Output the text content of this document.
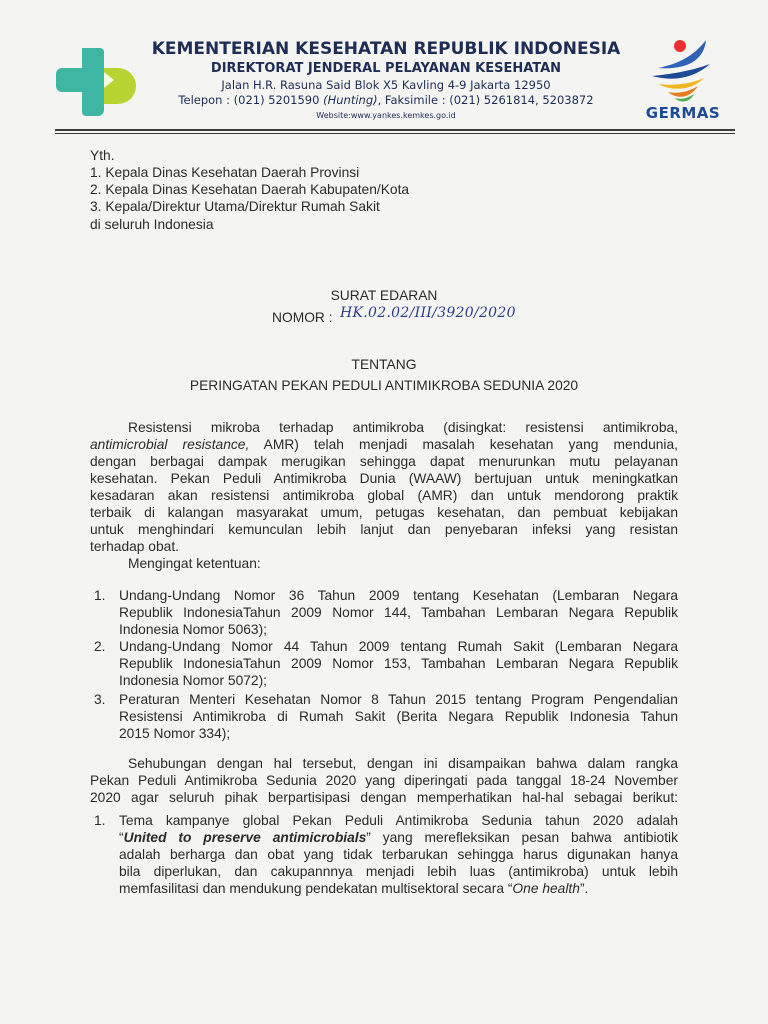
KEMENTERIAN KESEHATAN REPUBLIK INDONESIA
DIREKTORAT JENDERAL PELAYANAN KESEHATAN
Jalan H.R. Rasuna Said Blok X5 Kavling 4-9 Jakarta 12950
Telepon : (021) 5201590 (Hunting), Faksimile : (021) 5261814, 5203872
Website:www.yankes.kemkes.go.id	GERMAS
Yth.
1. Kepala Dinas Kesehatan Daerah Provinsi
2. Kepala Dinas Kesehatan Daerah Kabupaten/Kota
3. Kepala/Direktur Utama/Direktur Rumah Sakit
di seluruh Indonesia
SURAT EDARAN
NOMOR : HK.02.02/III/3920/2020
TENTANG
PERINGATAN PEKAN PEDULI ANTIMIKROBA SEDUNIA 2020
Resistensi mikroba terhadap antimikroba (disingkat: resistensi antimikroba,
antimicrobial resistance, AMR) telah menjadi masalah kesehatan yang mendunia,
dengan berbagai dampak merugikan sehingga dapat menurunkan mutu pelayanan
kesehatan. Pekan Peduli Antimikroba Dunia (WAAW) bertujuan untuk meningkatkan
kesadaran akan resistensi antimikroba global (AMR) dan untuk mendorong praktik
terbaik di kalangan masyarakat umum, petugas kesehatan, dan pembuat kebijakan
untuk menghindari kemunculan lebih lanjut dan penyebaran infeksi yang resistan
terhadap obat.
Mengingat ketentuan:
1. Undang-Undang Nomor 36 Tahun 2009 tentang Kesehatan (Lembaran Negara
Republik IndonesiaTahun 2009 Nomor 144, Tambahan Lembaran Negara Republik
Indonesia Nomor 5063);
2. Undang-Undang Nomor 44 Tahun 2009 tentang Rumah Sakit (Lembaran Negara
Republik IndonesiaTahun 2009 Nomor 153, Tambahan Lembaran Negara Republik
Indonesia Nomor 5072);
3. Peraturan Menteri Kesehatan Nomor 8 Tahun 2015 tentang Program Pengendalian
Resistensi Antimikroba di Rumah Sakit (Berita Negara Republik Indonesia Tahun
2015 Nomor 334);
Sehubungan dengan hal tersebut, dengan ini disampaikan bahwa dalam rangka
Pekan Peduli Antimikroba Sedunia 2020 yang diperingati pada tanggal 18-24 November
2020 agar seluruh pihak berpartisipasi dengan memperhatikan hal-hal sebagai berikut:
1. Tema kampanye global Pekan Peduli Antimikroba Sedunia tahun 2020 adalah
“United to preserve antimicrobials” yang merefleksikan pesan bahwa antibiotik
adalah berharga dan obat yang tidak terbarukan sehingga harus digunakan hanya
bila diperlukan, dan cakupannnya menjadi lebih luas (antimikroba) untuk lebih
memfasilitasi dan mendukung pendekatan multisektoral secara “One health”.
